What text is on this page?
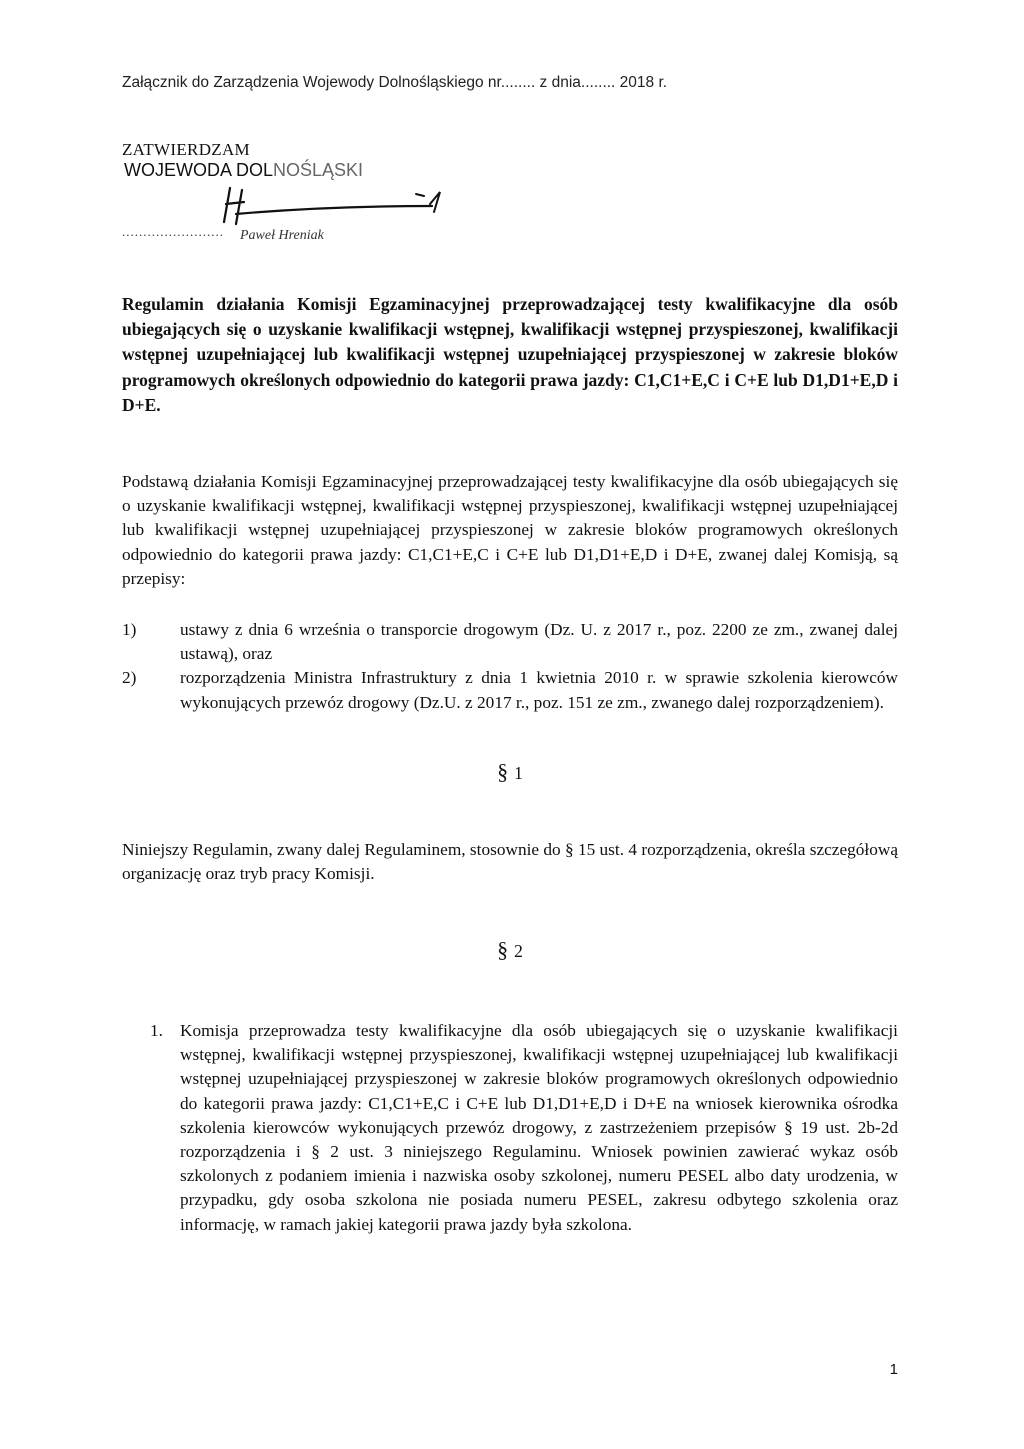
Załącznik do Zarządzenia Wojewody Dolnośląskiego nr........ z dnia........ 2018 r.
ZATWIERDZAM
WOJEWODA DOLNOŚLĄSKI
........................ Paweł Hreniak

Regulamin działania Komisji Egzaminacyjnej przeprowadzającej testy kwalifikacyjne dla osób ubiegających się o uzyskanie kwalifikacji wstępnej, kwalifikacji wstępnej przyspieszonej, kwalifikacji wstępnej uzupełniającej lub kwalifikacji wstępnej uzupełniającej przyspieszonej w zakresie bloków programowych określonych odpowiednio do kategorii prawa jazdy: C1,C1+E,C i C+E lub D1,D1+E,D i D+E.

Podstawą działania Komisji Egzaminacyjnej przeprowadzającej testy kwalifikacyjne dla osób ubiegających się o uzyskanie kwalifikacji wstępnej, kwalifikacji wstępnej przyspieszonej, kwalifikacji wstępnej uzupełniającej lub kwalifikacji wstępnej uzupełniającej przyspieszonej w zakresie bloków programowych określonych odpowiednio do kategorii prawa jazdy: C1,C1+E,C i C+E lub D1,D1+E,D i D+E, zwanej dalej Komisją, są przepisy:

1)	ustawy z dnia 6 września o transporcie drogowym (Dz. U. z 2017 r., poz. 2200 ze zm., zwanej dalej ustawą), oraz
2)	rozporządzenia Ministra Infrastruktury z dnia 1 kwietnia 2010 r. w sprawie szkolenia kierowców wykonujących przewóz drogowy (Dz.U. z 2017 r., poz. 151 ze zm., zwanego dalej rozporządzeniem).
§ 1

Niniejszy Regulamin, zwany dalej Regulaminem, stosownie do § 15 ust. 4 rozporządzenia, określa szczegółową organizację oraz tryb pracy Komisji.

§ 2
1. Komisja przeprowadza testy kwalifikacyjne dla osób ubiegających się o uzyskanie kwalifikacji wstępnej, kwalifikacji wstępnej przyspieszonej, kwalifikacji wstępnej uzupełniającej lub kwalifikacji wstępnej uzupełniającej przyspieszonej w zakresie bloków programowych określonych odpowiednio do kategorii prawa jazdy: C1,C1+E,C i C+E lub D1,D1+E,D i D+E na wniosek kierownika ośrodka szkolenia kierowców wykonujących przewóz drogowy, z zastrzeżeniem przepisów § 19 ust. 2b-2d rozporządzenia i § 2 ust. 3 niniejszego Regulaminu. Wniosek powinien zawierać wykaz osób szkolonych z podaniem imienia i nazwiska osoby szkolonej, numeru PESEL albo daty urodzenia, w przypadku, gdy osoba szkolona nie posiada numeru PESEL, zakresu odbytego szkolenia oraz informację, w ramach jakiej kategorii prawa jazdy była szkolona.
1
